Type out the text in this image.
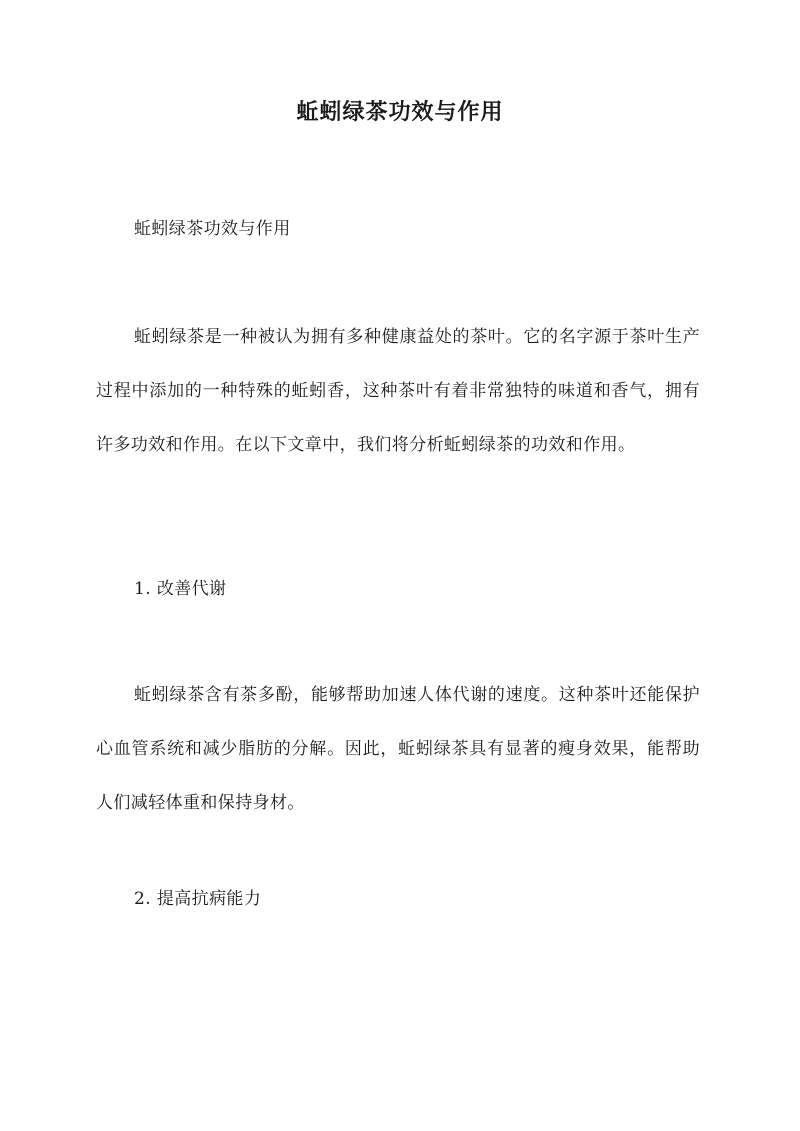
蚯蚓绿茶功效与作用

蚯蚓绿茶功效与作用

蚯蚓绿茶是一种被认为拥有多种健康益处的茶叶。它的名字源于茶叶生产过程中添加的一种特殊的蚯蚓香，这种茶叶有着非常独特的味道和香气，拥有许多功效和作用。在以下文章中，我们将分析蚯蚓绿茶的功效和作用。

1. 改善代谢

蚯蚓绿茶含有茶多酚，能够帮助加速人体代谢的速度。这种茶叶还能保护心血管系统和减少脂肪的分解。因此，蚯蚓绿茶具有显著的瘦身效果，能帮助人们减轻体重和保持身材。

2. 提高抗病能力
